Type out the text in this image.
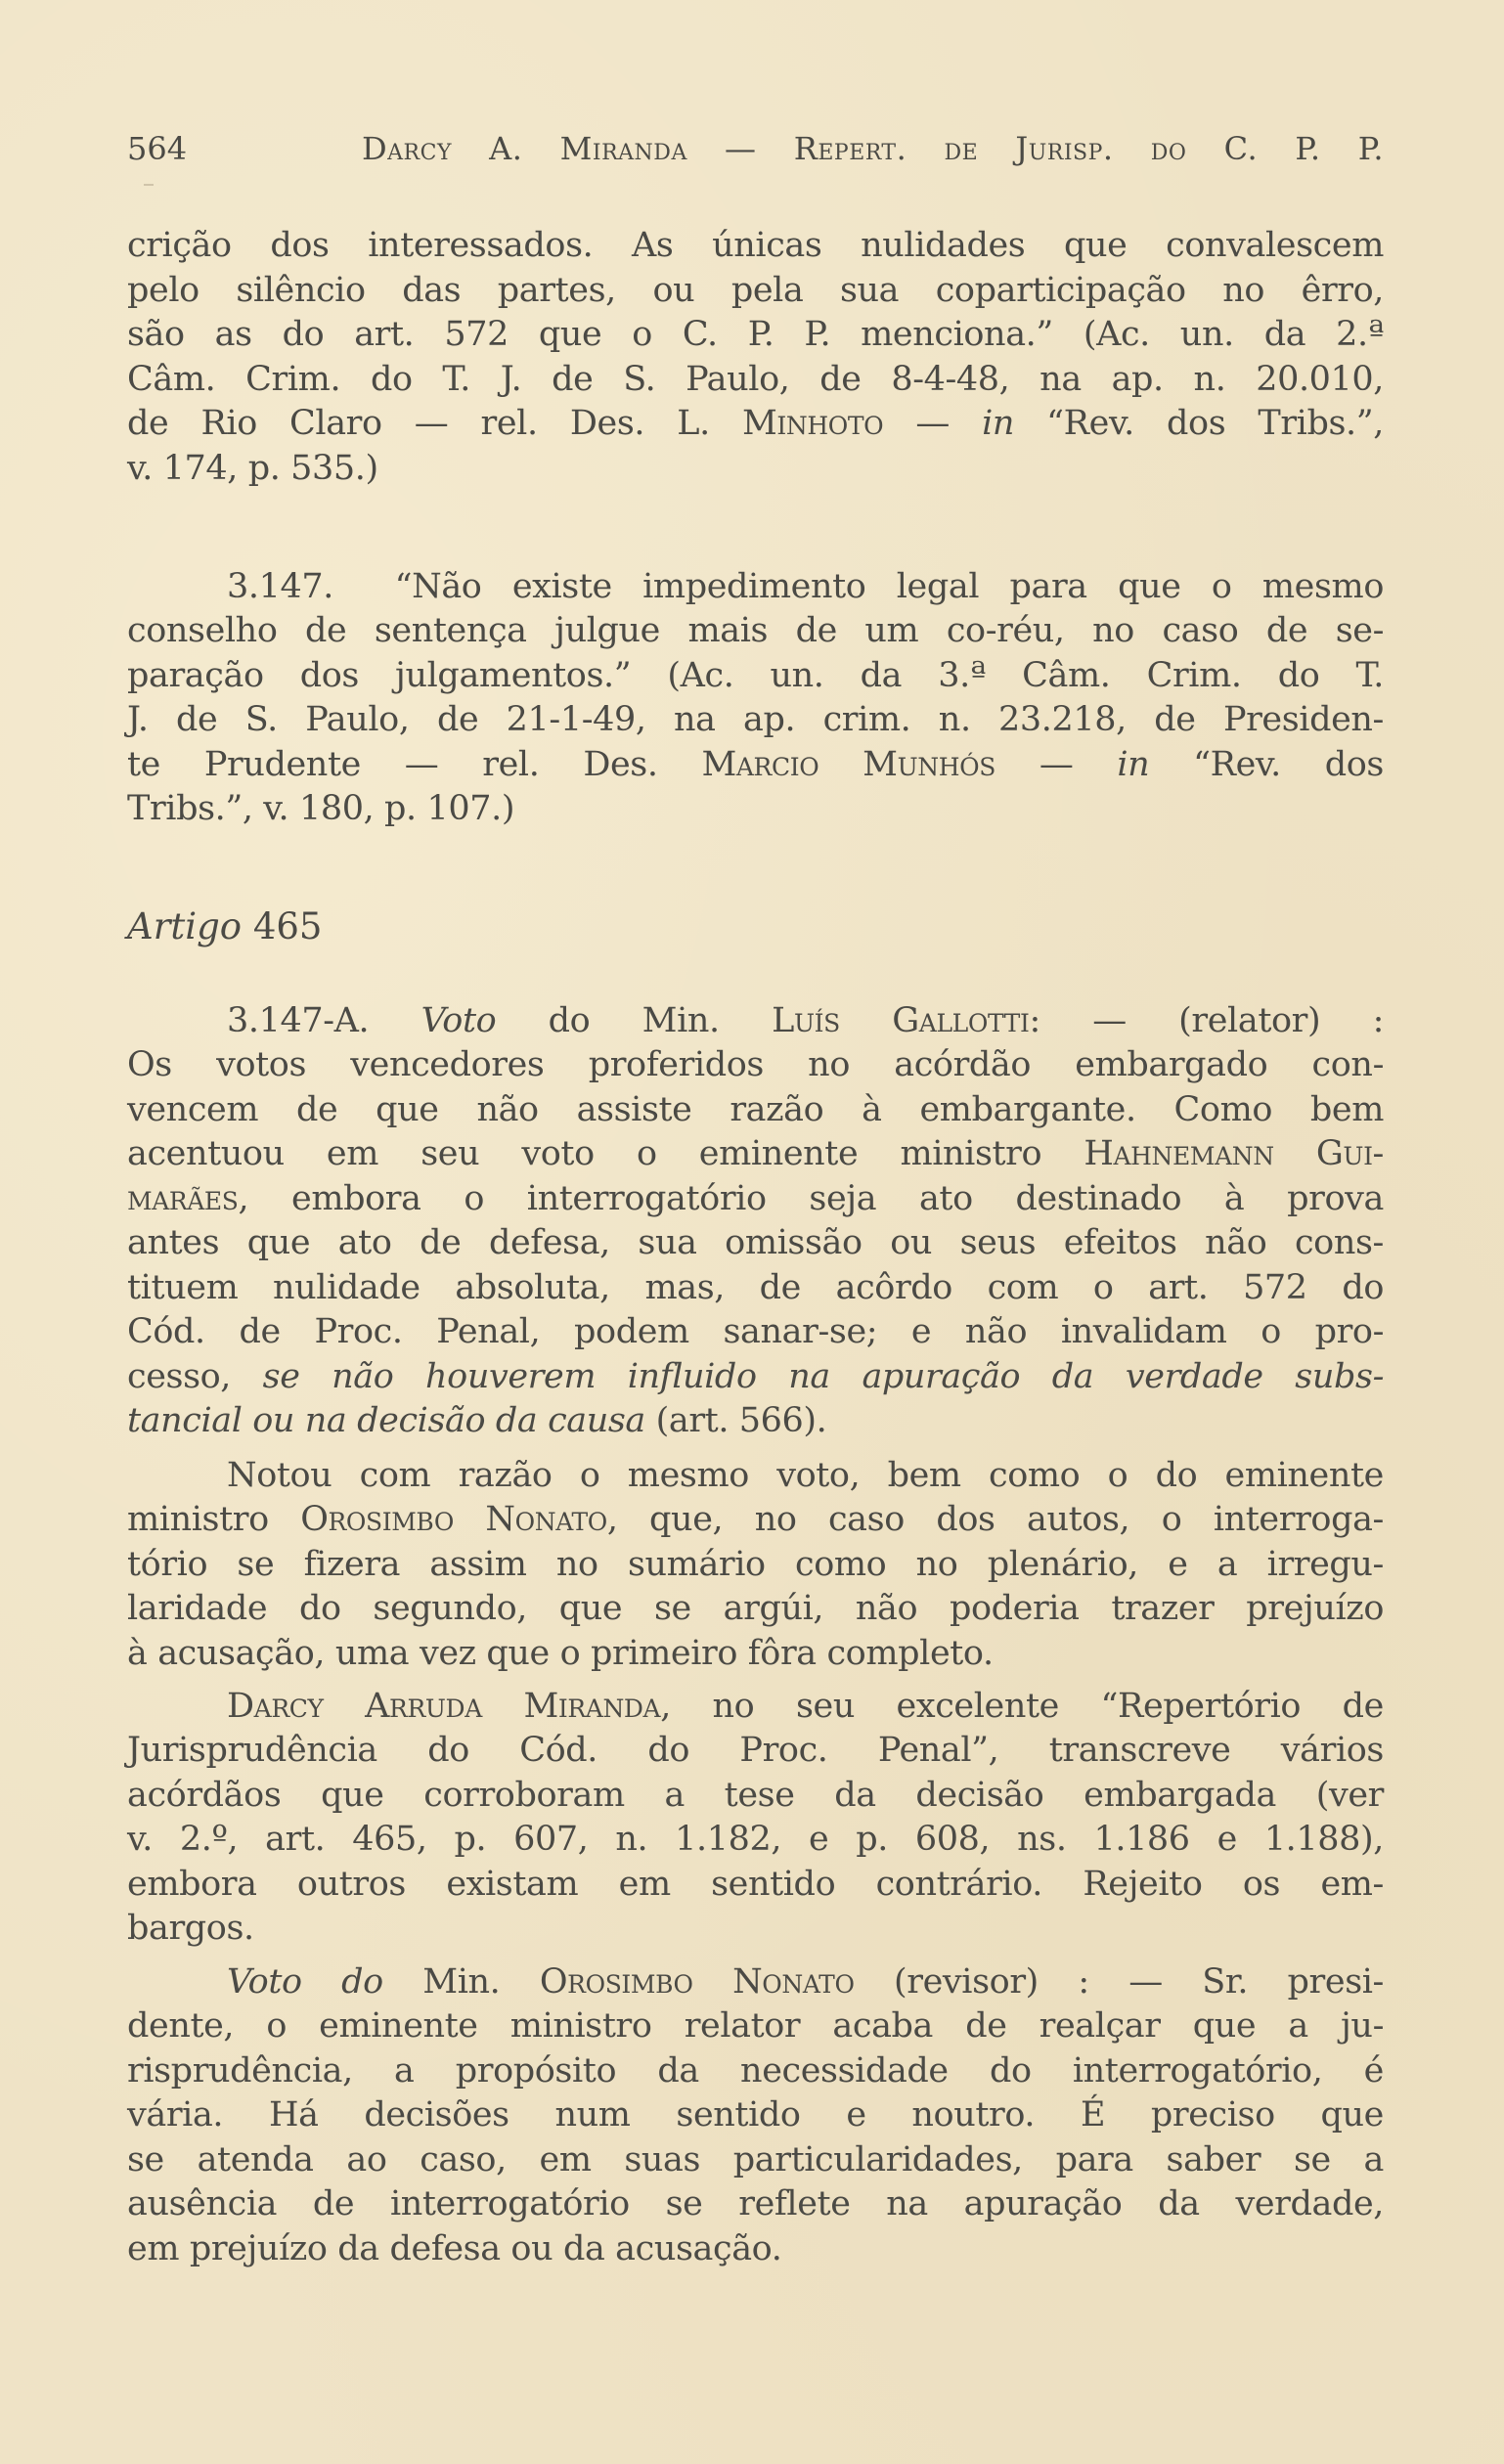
564	Darcy A. Miranda — Repert. de Jurisp. do C. P. P.
crição dos interessados. As únicas nulidades que convalescem
pelo silêncio das partes, ou pela sua coparticipação no êrro,
são as do art. 572 que o C. P. P. menciona.” (Ac. un. da 2.ª
Câm. Crim. do T. J. de S. Paulo, de 8-4-48, na ap. n. 20.010,
de Rio Claro — rel. Des. L. Minhoto — in “Rev. dos Tribs.”,
v. 174, p. 535.)
3.147. “Não existe impedimento legal para que o mesmo
conselho de sentença julgue mais de um co-réu, no caso de se-
paração dos julgamentos.” (Ac. un. da 3.ª Câm. Crim. do T.
J. de S. Paulo, de 21-1-49, na ap. crim. n. 23.218, de Presiden-
te Prudente — rel. Des. Marcio Munhós — in “Rev. dos
Tribs.”, v. 180, p. 107.)
Artigo 465
3.147-A. Voto do Min. Luís Gallotti: — (relator) :
Os votos vencedores proferidos no acórdão embargado con-
vencem de que não assiste razão à embargante. Como bem
acentuou em seu voto o eminente ministro Hahnemann Gui-
marães, embora o interrogatório seja ato destinado à prova
antes que ato de defesa, sua omissão ou seus efeitos não cons-
tituem nulidade absoluta, mas, de acôrdo com o art. 572 do
Cód. de Proc. Penal, podem sanar-se; e não invalidam o pro-
cesso, se não houverem influido na apuração da verdade subs-
tancial ou na decisão da causa (art. 566).
Notou com razão o mesmo voto, bem como o do eminente
ministro Orosimbo Nonato, que, no caso dos autos, o interroga-
tório se fizera assim no sumário como no plenário, e a irregu-
laridade do segundo, que se argúi, não poderia trazer prejuízo
à acusação, uma vez que o primeiro fôra completo.
Darcy Arruda Miranda, no seu excelente “Repertório de
Jurisprudência do Cód. do Proc. Penal”, transcreve vários
acórdãos que corroboram a tese da decisão embargada (ver
v. 2.º, art. 465, p. 607, n. 1.182, e p. 608, ns. 1.186 e 1.188),
embora outros existam em sentido contrário. Rejeito os em-
bargos.
Voto do Min. Orosimbo Nonato (revisor) : — Sr. presi-
dente, o eminente ministro relator acaba de realçar que a ju-
risprudência, a propósito da necessidade do interrogatório, é
vária. Há decisões num sentido e noutro. É preciso que
se atenda ao caso, em suas particularidades, para saber se a
ausência de interrogatório se reflete na apuração da verdade,
em prejuízo da defesa ou da acusação.
